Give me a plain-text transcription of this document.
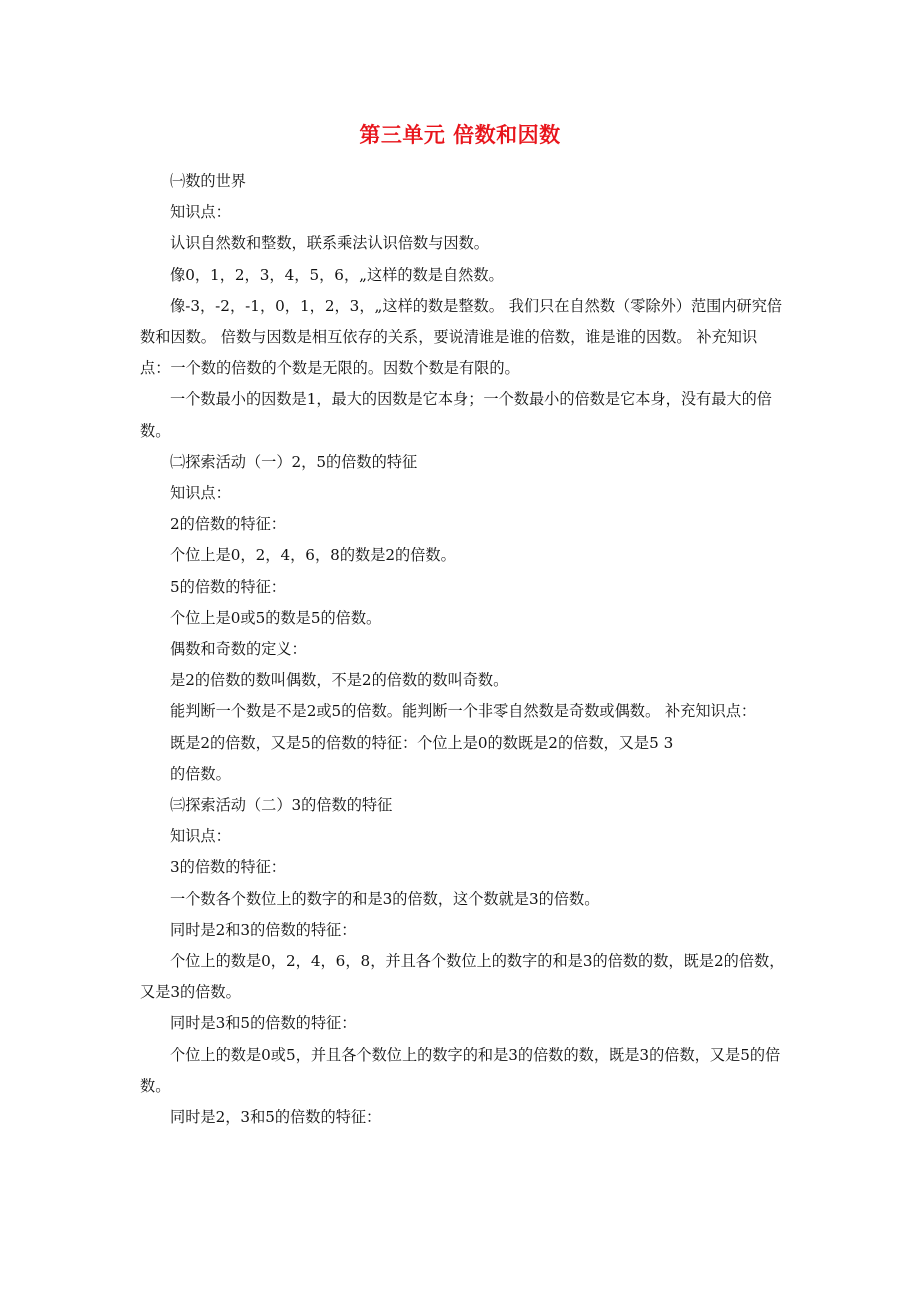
第三单元 倍数和因数

㈠数的世界

知识点：

认识自然数和整数，联系乘法认识倍数与因数。

像0，1，2，3，4，5，6，„这样的数是自然数。

像-3，-2，-1，0，1，2，3，„这样的数是整数。 我们只在自然数（零除外）范围内研究倍数和因数。 倍数与因数是相互依存的关系，要说清谁是谁的倍数，谁是谁的因数。 补充知识点：一个数的倍数的个数是无限的。因数个数是有限的。

一个数最小的因数是1，最大的因数是它本身；一个数最小的倍数是它本身，没有最大的倍数。

㈡探索活动（一）2，5的倍数的特征

知识点：

2的倍数的特征：

个位上是0，2，4，6，8的数是2的倍数。

5的倍数的特征：

个位上是0或5的数是5的倍数。

偶数和奇数的定义：

是2的倍数的数叫偶数，不是2的倍数的数叫奇数。

能判断一个数是不是2或5的倍数。能判断一个非零自然数是奇数或偶数。 补充知识点：

既是2的倍数，又是5的倍数的特征：个位上是0的数既是2的倍数，又是5 3

的倍数。

㈢探索活动（二）3的倍数的特征

知识点：

3的倍数的特征：

一个数各个数位上的数字的和是3的倍数，这个数就是3的倍数。

同时是2和3的倍数的特征：

个位上的数是0，2，4，6，8，并且各个数位上的数字的和是3的倍数的数，既是2的倍数，又是3的倍数。

同时是3和5的倍数的特征：

个位上的数是0或5，并且各个数位上的数字的和是3的倍数的数，既是3的倍数，又是5的倍数。

同时是2，3和5的倍数的特征：
